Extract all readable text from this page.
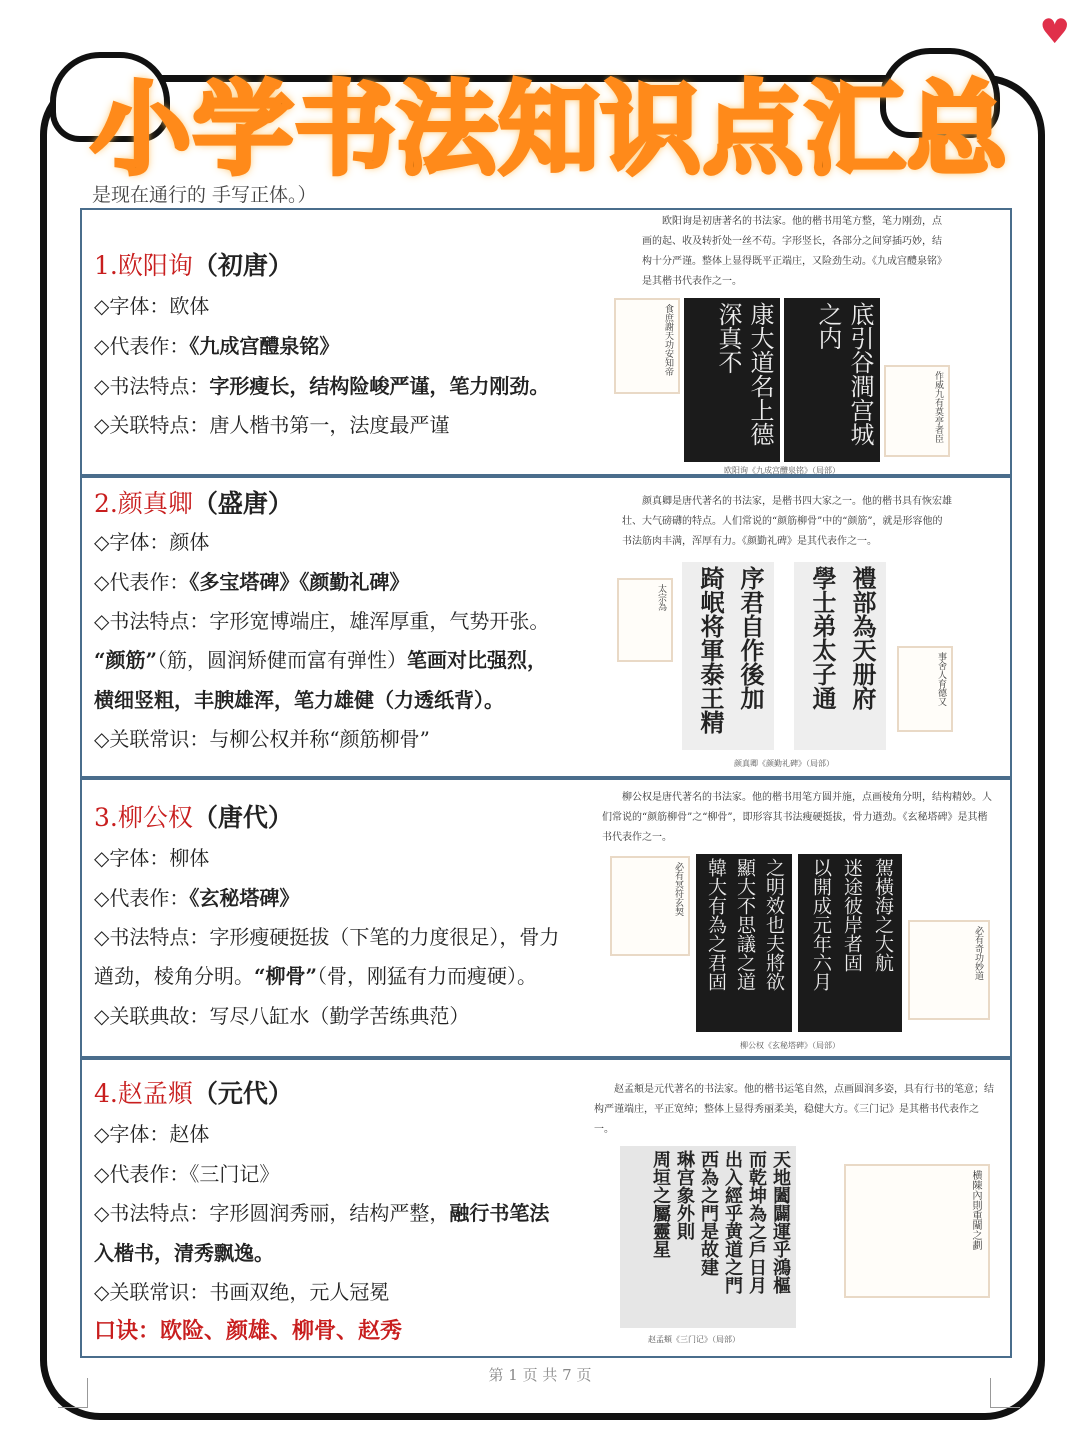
♥
小学书法知识点汇总
是现在通行的 手写正体。）
1.欧阳询（初唐）
◇字体：欧体
◇代表作：《九成宫醴泉铭》
◇书法特点：字形瘦长，结构险峻严谨，笔力刚劲。
◇关联特点：唐人楷书第一，法度最严谨
欧阳询是初唐著名的书法家。他的楷书用笔方整，笔力刚劲，点画的起、收及转折处一丝不苟。字形竖长，各部分之间穿插巧妙，结构十分严谨。整体上显得既平正端庄，又险劲生动。《九成宫醴泉铭》是其楷书代表作之一。
食庶謝天功安知帝	康大道名上德深真不	底引谷澗宫城之内
作威九有莫亭者臣
欧阳询《九成宫醴泉铭》（局部）
2.颜真卿（盛唐）
◇字体：颜体
◇代表作：《多宝塔碑》《颜勤礼碑》
◇书法特点：字形宽博端庄，雄浑厚重，气势开张。
“颜筋”（筋，圆润矫健而富有弹性）笔画对比强烈，
横细竖粗，丰腴雄浑，笔力雄健（力透纸背）。
◇关联常识：与柳公权并称“颜筋柳骨”
颜真卿是唐代著名的书法家，是楷书四大家之一。他的楷书具有恢宏雄壮、大气磅礴的特点。人们常说的“颜筋柳骨”中的“颜筋”，就是形容他的书法筋肉丰满，浑厚有力。《颜勤礼碑》是其代表作之一。
太宗為	序君自作後加
踦岷将軍泰王精	禮部為天册府
學士弟太子通	事舍人育德又
颜真卿《颜勤礼碑》（局部）
3.柳公权（唐代）
◇字体：柳体
◇代表作：《玄秘塔碑》
◇书法特点：字形瘦硬挺拔（下笔的力度很足），骨力
遒劲，棱角分明。“柳骨”（骨，刚猛有力而瘦硬）。
◇关联典故：写尽八缸水（勤学苦练典范）
柳公权是唐代著名的书法家。他的楷书用笔方圆并施，点画棱角分明，结构精妙。人们常说的“颜筋柳骨”之“柳骨”，即形容其书法瘦硬挺拔，骨力遒劲。《玄秘塔碑》是其楷书代表作之一。
必有冥符玄契	之明效也夫將欲
顯大不思議之道
韓大有為之君固	駕橫海之大航
迷途彼岸者固
以開成元年六月	必有奇功妙道
柳公权《玄秘塔碑》（局部）
4.赵孟頫（元代）
◇字体：赵体
◇代表作：《三门记》
◇书法特点：字形圆润秀丽，结构严整，融行书笔法
入楷书，清秀飘逸。
◇关联常识：书画双绝，元人冠冕
口诀：欧险、颜雄、柳骨、赵秀
赵孟頫是元代著名的书法家。他的楷书运笔自然，点画圆润多姿，具有行书的笔意；结构严谨端庄，平正宽绰；整体上显得秀丽柔美，稳健大方。《三门记》是其楷书代表作之一。
天地闔闢運乎鴻樞
而乾坤為之戶日月
出入經乎黄道之門
西為之門是故建
琳宫象外則
周垣之屬靈星	横陳內則重闉之劃
赵孟頫《三门记》（局部）
第 1 页 共 7 页
